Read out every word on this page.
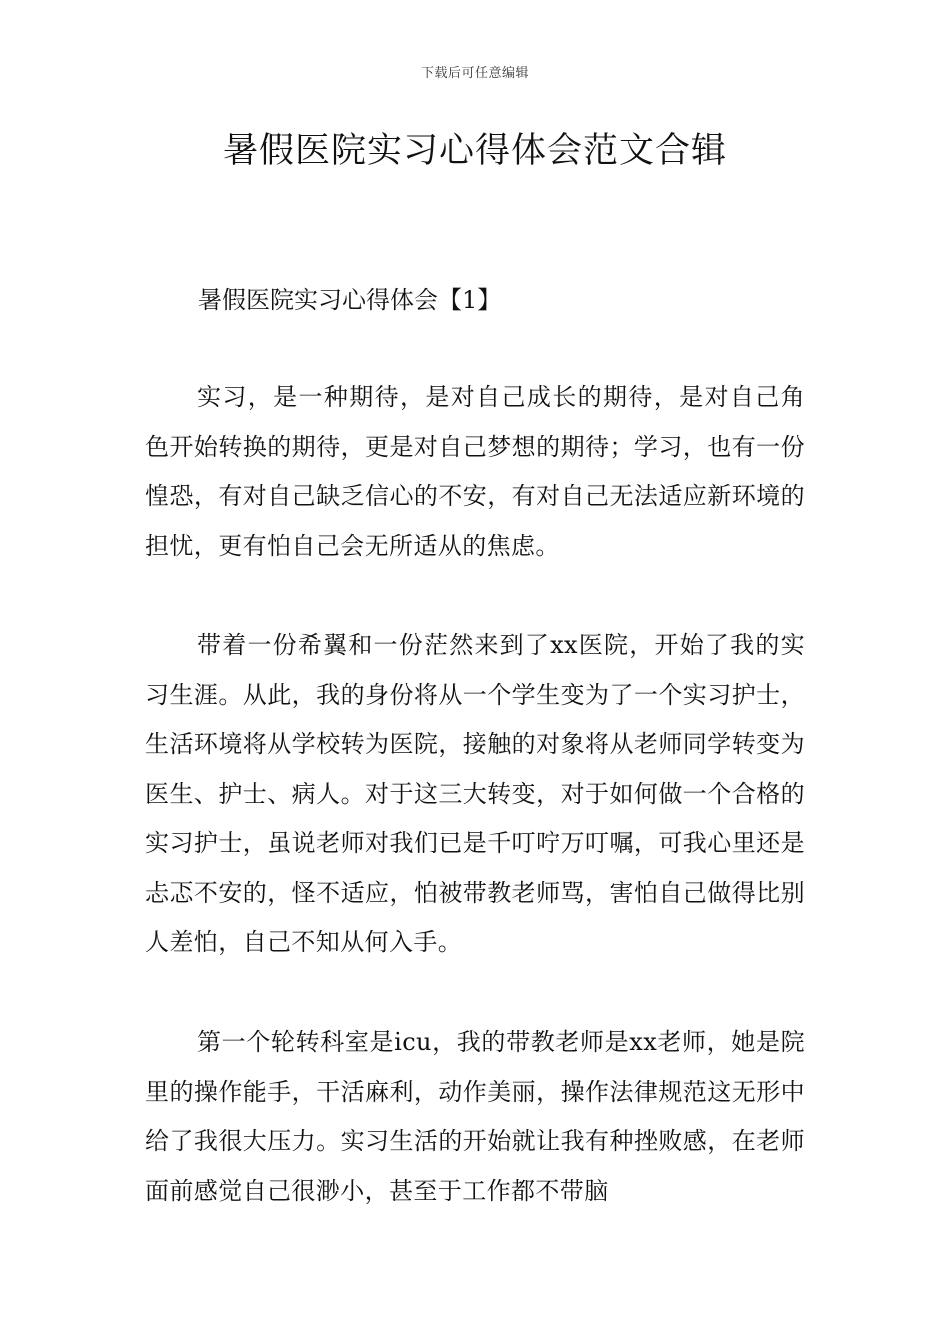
下载后可任意编辑
暑假医院实习心得体会范文合辑
暑假医院实习心得体会【1】

实习，是一种期待，是对自己成长的期待，是对自己角色开始转换的期待，更是对自己梦想的期待；学习，也有一份惶恐，有对自己缺乏信心的不安，有对自己无法适应新环境的担忧，更有怕自己会无所适从的焦虑。

带着一份希翼和一份茫然来到了xx医院，开始了我的实习生涯。从此，我的身份将从一个学生变为了一个实习护士，生活环境将从学校转为医院，接触的对象将从老师同学转变为医生、护士、病人。对于这三大转变，对于如何做一个合格的实习护士，虽说老师对我们已是千叮咛万叮嘱，可我心里还是忐忑不安的，怪不适应，怕被带教老师骂，害怕自己做得比别人差怕，自己不知从何入手。

第一个轮转科室是icu，我的带教老师是xx老师，她是院里的操作能手，干活麻利，动作美丽，操作法律规范这无形中给了我很大压力。实习生活的开始就让我有种挫败感，在老师面前感觉自己很渺小，甚至于工作都不带脑
